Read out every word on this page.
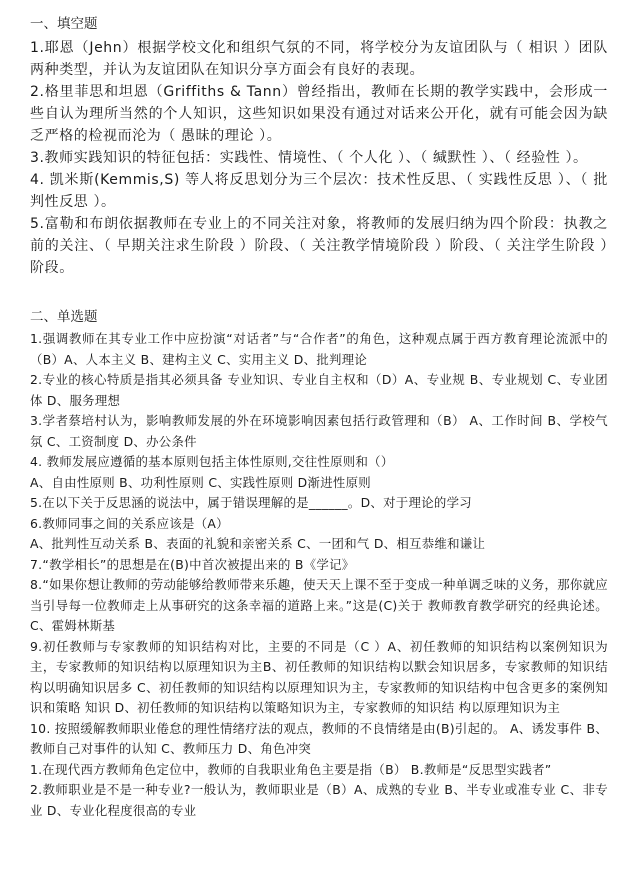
一、填空题
1.耶恩（Jehn）根据学校文化和组织气氛的不同，将学校分为友谊团队与（ 相识 ）团队两种类型，并认为友谊团队在知识分享方面会有良好的表现。
2.格里菲思和坦恩（Griffiths & Tann）曾经指出，教师在长期的教学实践中，会形成一些自认为理所当然的个人知识，这些知识如果没有通过对话来公开化，就有可能会因为缺乏严格的检视而沦为（ 愚昧的理论 ）。
3.教师实践知识的特征包括：实践性、情境性、（ 个人化 ）、（ 缄默性 ）、（ 经验性 ）。
4. 凯米斯(Kemmis,S) 等人将反思划分为三个层次：技术性反思、（ 实践性反思 ）、（ 批判性反思 ）。
5.富勒和布朗依据教师在专业上的不同关注对象，将教师的发展归纳为四个阶段：执教之前的关注、（ 早期关注求生阶段 ）阶段、（ 关注教学情境阶段 ）阶段、（ 关注学生阶段 ）阶段。
二、单选题
1.强调教师在其专业工作中应扮演“对话者”与“合作者”的角色，这种观点属于西方教育理论流派中的（B）A、人本主义 B、建构主义 C、实用主义 D、批判理论
2.专业的核心特质是指其必须具备 专业知识、专业自主权和（D）A、专业规 B、专业规划 C、专业团体 D、服务理想
3.学者蔡培村认为，影响教师发展的外在环境影响因素包括行政管理和（B） A、工作时间 B、学校气氛 C、工资制度 D、办公条件
4. 教师发展应遵循的基本原则包括主体性原则,交往性原则和（）
A、自由性原则 B、功利性原则 C、实践性原则 D渐进性原则
5.在以下关于反思涵的说法中，属于错误理解的是______。D、对于理论的学习
6.教师同事之间的关系应该是（A）
A、批判性互动关系 B、表面的礼貌和亲密关系 C、一团和气 D、相互恭维和谦让
7.“教学相长”的思想是在(B)中首次被提出来的 B《学记》
8.“如果你想让教师的劳动能够给教师带来乐趣，使天天上课不至于变成一种单调乏味的义务，那你就应当引导每一位教师走上从事研究的这条幸福的道路上来。”这是(C)关于 教师教育教学研究的经典论述。 C、霍姆林斯基
9.初任教师与专家教师的知识结构对比，主要的不同是（C ）A、初任教师的知识结构以案例知识为主，专家教师的知识结构以原理知识为主B、初任教师的知识结构以默会知识居多，专家教师的知识结构以明确知识居多 C、初任教师的知识结构以原理知识为主，专家教师的知识结构中包含更多的案例知识和策略 知识 D、初任教师的知识结构以策略知识为主，专家教师的知识结 构以原理知识为主
10. 按照缓解教师职业倦怠的理性情绪疗法的观点，教师的不良情绪是由(B)引起的。 A、诱发事件 B、教师自己对事件的认知 C、教师压力 D、角色冲突
1.在现代西方教师角色定位中，教师的自我职业角色主要是指（B） B.教师是“反思型实践者”
2.教师职业是不是一种专业?一般认为，教师职业是（B）A、成熟的专业 B、半专业或准专业 C、非专业 D、专业化程度很高的专业
